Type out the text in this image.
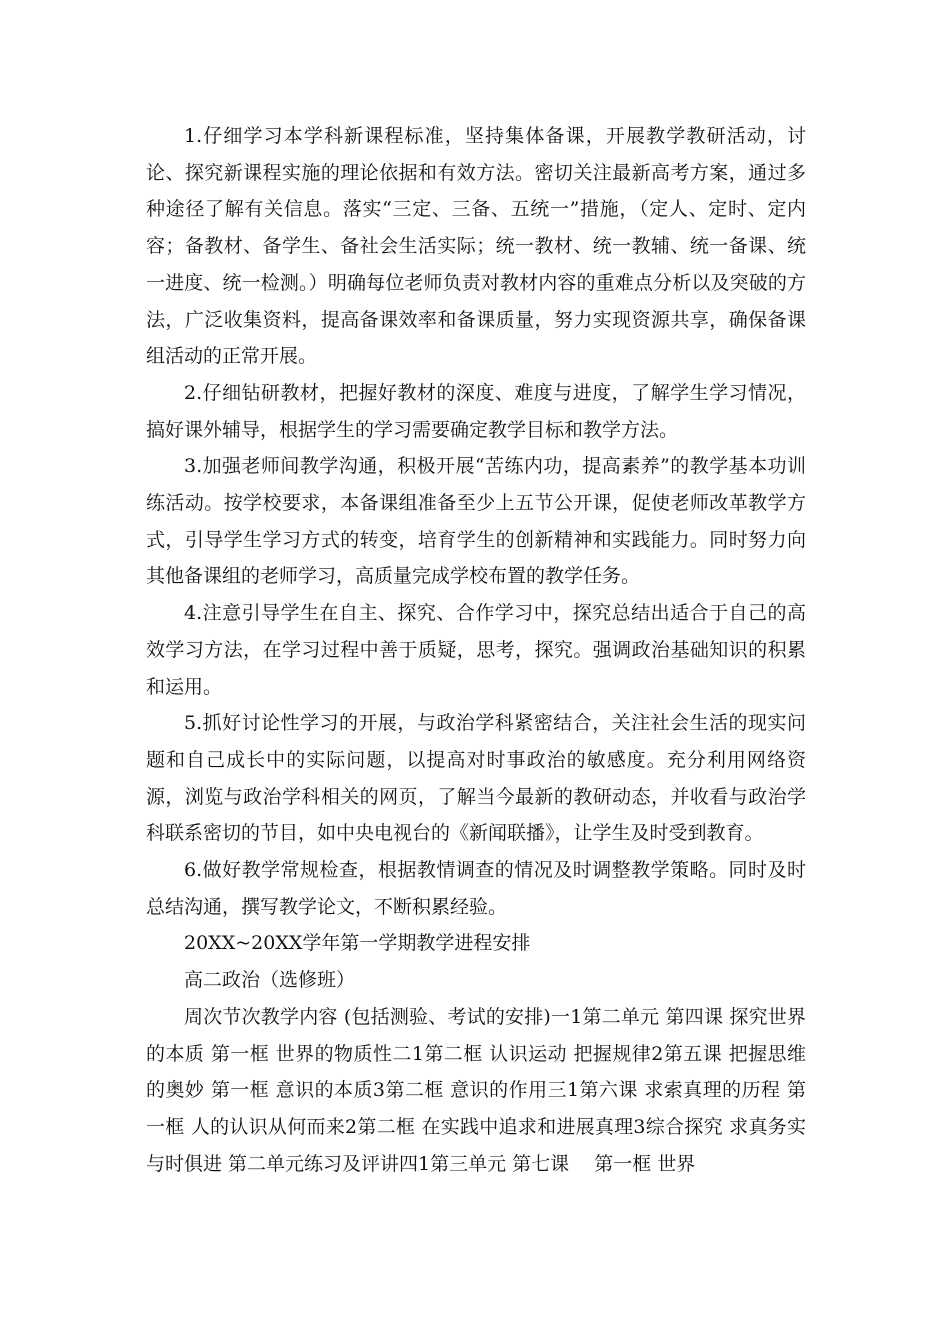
1.仔细学习本学科新课程标准，坚持集体备课，开展教学教研活动，讨论、探究新课程实施的理论依据和有效方法。密切关注最新高考方案，通过多种途径了解有关信息。落实“三定、三备、五统一”措施，（定人、定时、定内容；备教材、备学生、备社会生活实际；统一教材、统一教辅、统一备课、统一进度、统一检测。）明确每位老师负责对教材内容的重难点分析以及突破的方法，广泛收集资料，提高备课效率和备课质量，努力实现资源共享，确保备课组活动的正常开展。

2.仔细钻研教材，把握好教材的深度、难度与进度，了解学生学习情况，搞好课外辅导，根据学生的学习需要确定教学目标和教学方法。

3.加强老师间教学沟通，积极开展“苦练内功，提高素养”的教学基本功训练活动。按学校要求，本备课组准备至少上五节公开课，促使老师改革教学方式，引导学生学习方式的转变，培育学生的创新精神和实践能力。同时努力向其他备课组的老师学习，高质量完成学校布置的教学任务。

4.注意引导学生在自主、探究、合作学习中，探究总结出适合于自己的高效学习方法，在学习过程中善于质疑，思考，探究。强调政治基础知识的积累和运用。

5.抓好讨论性学习的开展，与政治学科紧密结合，关注社会生活的现实问题和自己成长中的实际问题，以提高对时事政治的敏感度。充分利用网络资源，浏览与政治学科相关的网页，了解当今最新的教研动态，并收看与政治学科联系密切的节目，如中央电视台的《新闻联播》，让学生及时受到教育。

6.做好教学常规检查，根据教情调查的情况及时调整教学策略。同时及时总结沟通，撰写教学论文，不断积累经验。

20XX~20XX学年第一学期教学进程安排

高二政治（选修班）

周次节次教学内容 (包括测验、考试的安排)一1第二单元 第四课 探究世界的本质 第一框 世界的物质性二1第二框 认识运动 把握规律2第五课 把握思维的奥妙 第一框 意识的本质3第二框 意识的作用三1第六课 求索真理的历程 第一框 人的认识从何而来2第二框 在实践中追求和进展真理3综合探究 求真务实 与时俱进 第二单元练习及评讲四1第三单元 第七课 　第一框 世界
